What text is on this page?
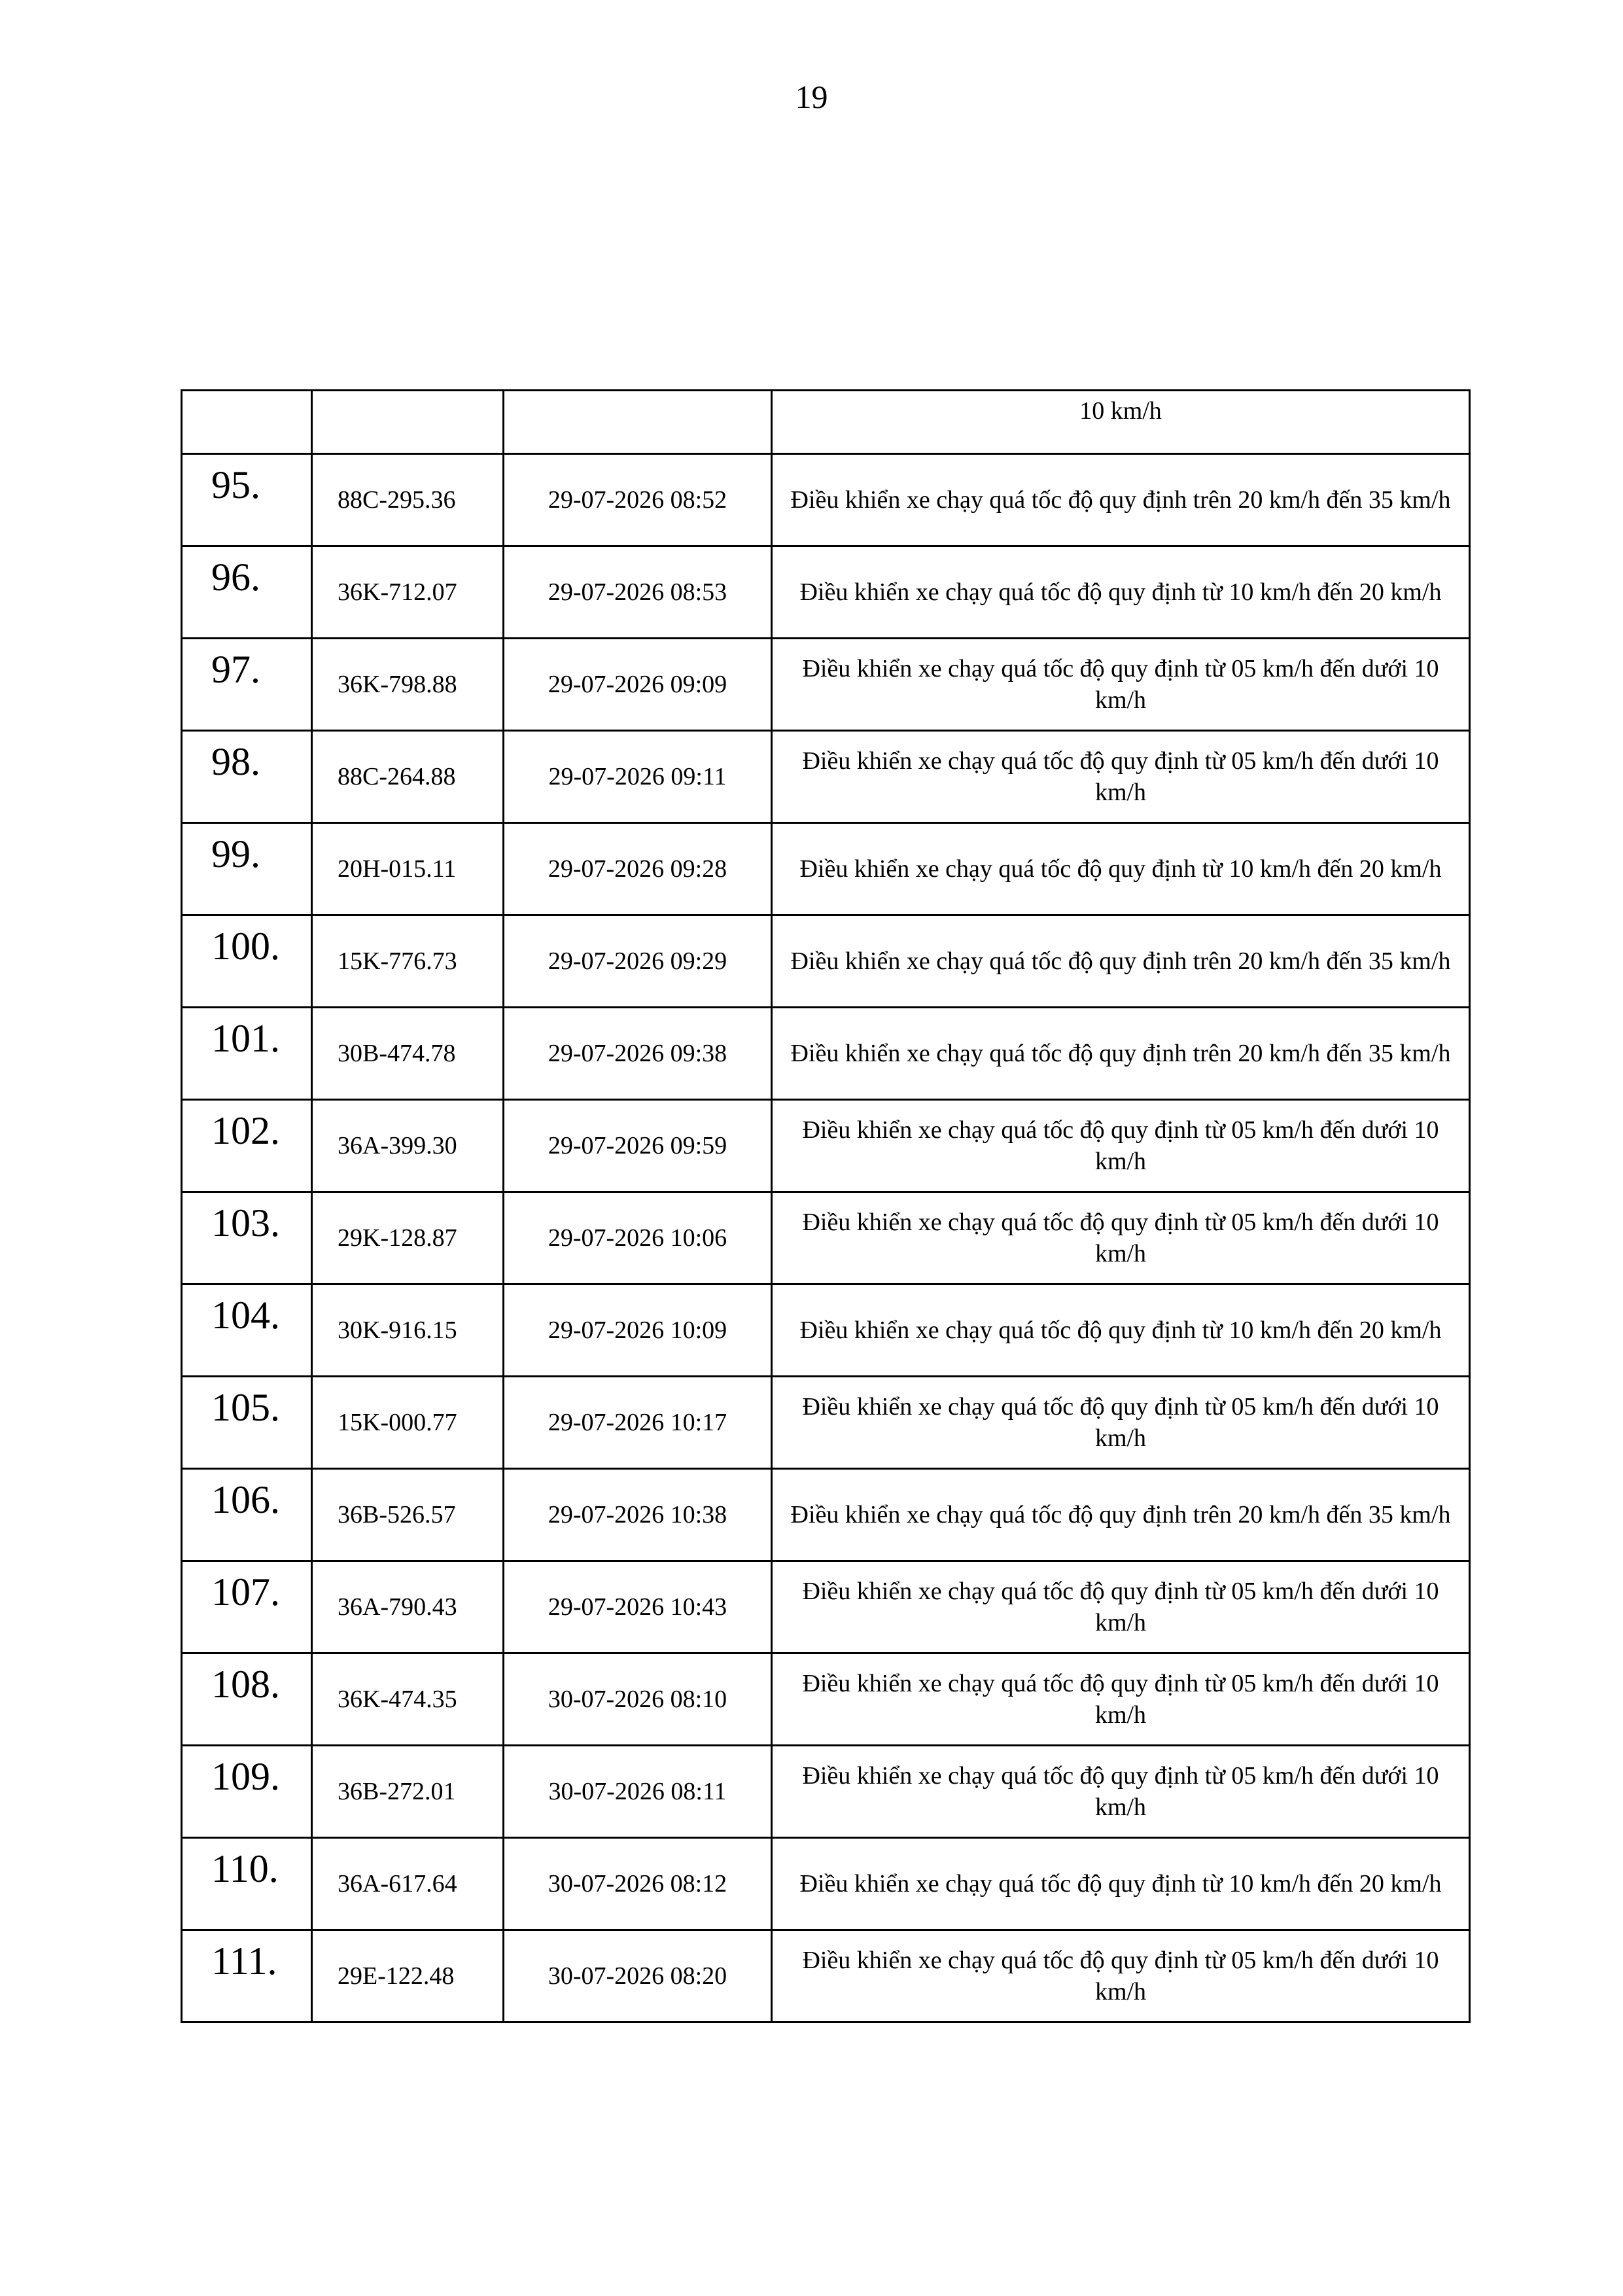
19
			10 km/h
95.	88C-295.36	29-07-2026 08:52	Điều khiển xe chạy quá tốc độ quy định trên 20 km/h đến 35 km/h
96.	36K-712.07	29-07-2026 08:53	Điều khiển xe chạy quá tốc độ quy định từ 10 km/h đến 20 km/h
97.	36K-798.88	29-07-2026 09:09	Điều khiển xe chạy quá tốc độ quy định từ 05 km/h đến dưới 10 km/h
98.	88C-264.88	29-07-2026 09:11	Điều khiển xe chạy quá tốc độ quy định từ 05 km/h đến dưới 10 km/h
99.	20H-015.11	29-07-2026 09:28	Điều khiển xe chạy quá tốc độ quy định từ 10 km/h đến 20 km/h
100.	15K-776.73	29-07-2026 09:29	Điều khiển xe chạy quá tốc độ quy định trên 20 km/h đến 35 km/h
101.	30B-474.78	29-07-2026 09:38	Điều khiển xe chạy quá tốc độ quy định trên 20 km/h đến 35 km/h
102.	36A-399.30	29-07-2026 09:59	Điều khiển xe chạy quá tốc độ quy định từ 05 km/h đến dưới 10 km/h
103.	29K-128.87	29-07-2026 10:06	Điều khiển xe chạy quá tốc độ quy định từ 05 km/h đến dưới 10 km/h
104.	30K-916.15	29-07-2026 10:09	Điều khiển xe chạy quá tốc độ quy định từ 10 km/h đến 20 km/h
105.	15K-000.77	29-07-2026 10:17	Điều khiển xe chạy quá tốc độ quy định từ 05 km/h đến dưới 10 km/h
106.	36B-526.57	29-07-2026 10:38	Điều khiển xe chạy quá tốc độ quy định trên 20 km/h đến 35 km/h
107.	36A-790.43	29-07-2026 10:43	Điều khiển xe chạy quá tốc độ quy định từ 05 km/h đến dưới 10 km/h
108.	36K-474.35	30-07-2026 08:10	Điều khiển xe chạy quá tốc độ quy định từ 05 km/h đến dưới 10 km/h
109.	36B-272.01	30-07-2026 08:11	Điều khiển xe chạy quá tốc độ quy định từ 05 km/h đến dưới 10 km/h
110.	36A-617.64	30-07-2026 08:12	Điều khiển xe chạy quá tốc độ quy định từ 10 km/h đến 20 km/h
111.	29E-122.48	30-07-2026 08:20	Điều khiển xe chạy quá tốc độ quy định từ 05 km/h đến dưới 10 km/h
